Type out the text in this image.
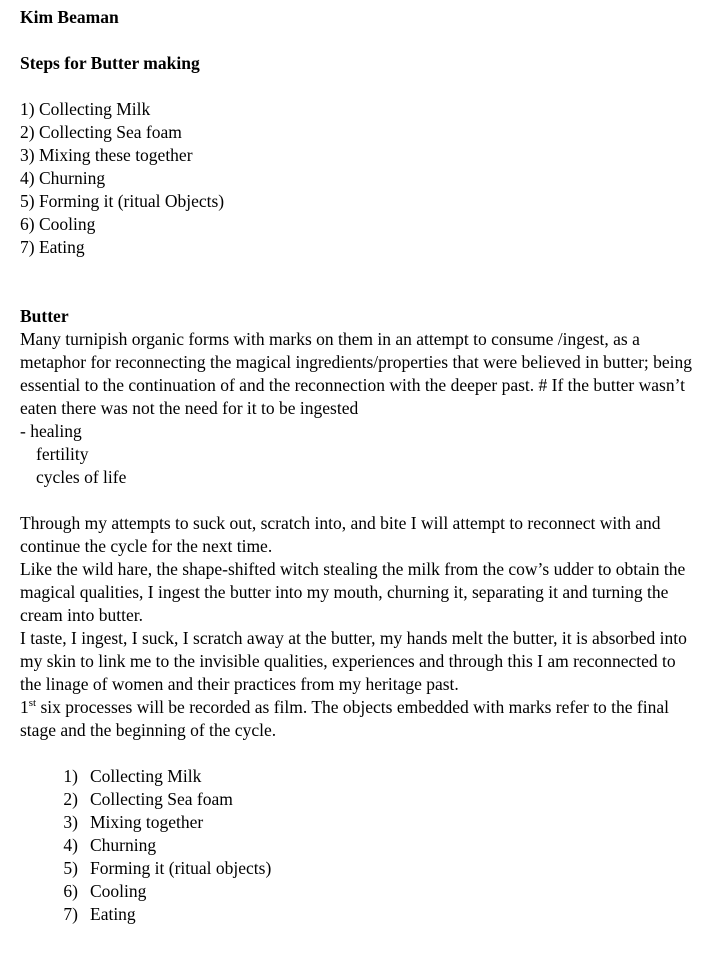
Kim Beaman

Steps for Butter making

1) Collecting Milk
2) Collecting Sea foam
3) Mixing these together
4) Churning
5) Forming it (ritual Objects)
6) Cooling
7) Eating

Butter

Many turnipish organic forms with marks on them in an attempt to consume /ingest, as a metaphor for reconnecting the magical ingredients/properties that were believed in butter; being essential to the continuation of and the reconnection with the deeper past. # If the butter wasn’t eaten there was not the need for it to be ingested

- healing
fertility
cycles of life

Through my attempts to suck out, scratch into, and bite I will attempt to reconnect with and continue the cycle for the next time.

Like the wild hare, the shape-shifted witch stealing the milk from the cow’s udder to obtain the magical qualities, I ingest the butter into my mouth, churning it, separating it and turning the cream into butter.

I taste, I ingest, I suck, I scratch away at the butter, my hands melt the butter, it is absorbed into my skin to link me to the invisible qualities, experiences and through this I am reconnected to the linage of women and their practices from my heritage past.

1st six processes will be recorded as film. The objects embedded with marks refer to the final stage and the beginning of the cycle.

1) Collecting Milk
2) Collecting Sea foam
3) Mixing together
4) Churning
5) Forming it (ritual objects)
6) Cooling
7) Eating
